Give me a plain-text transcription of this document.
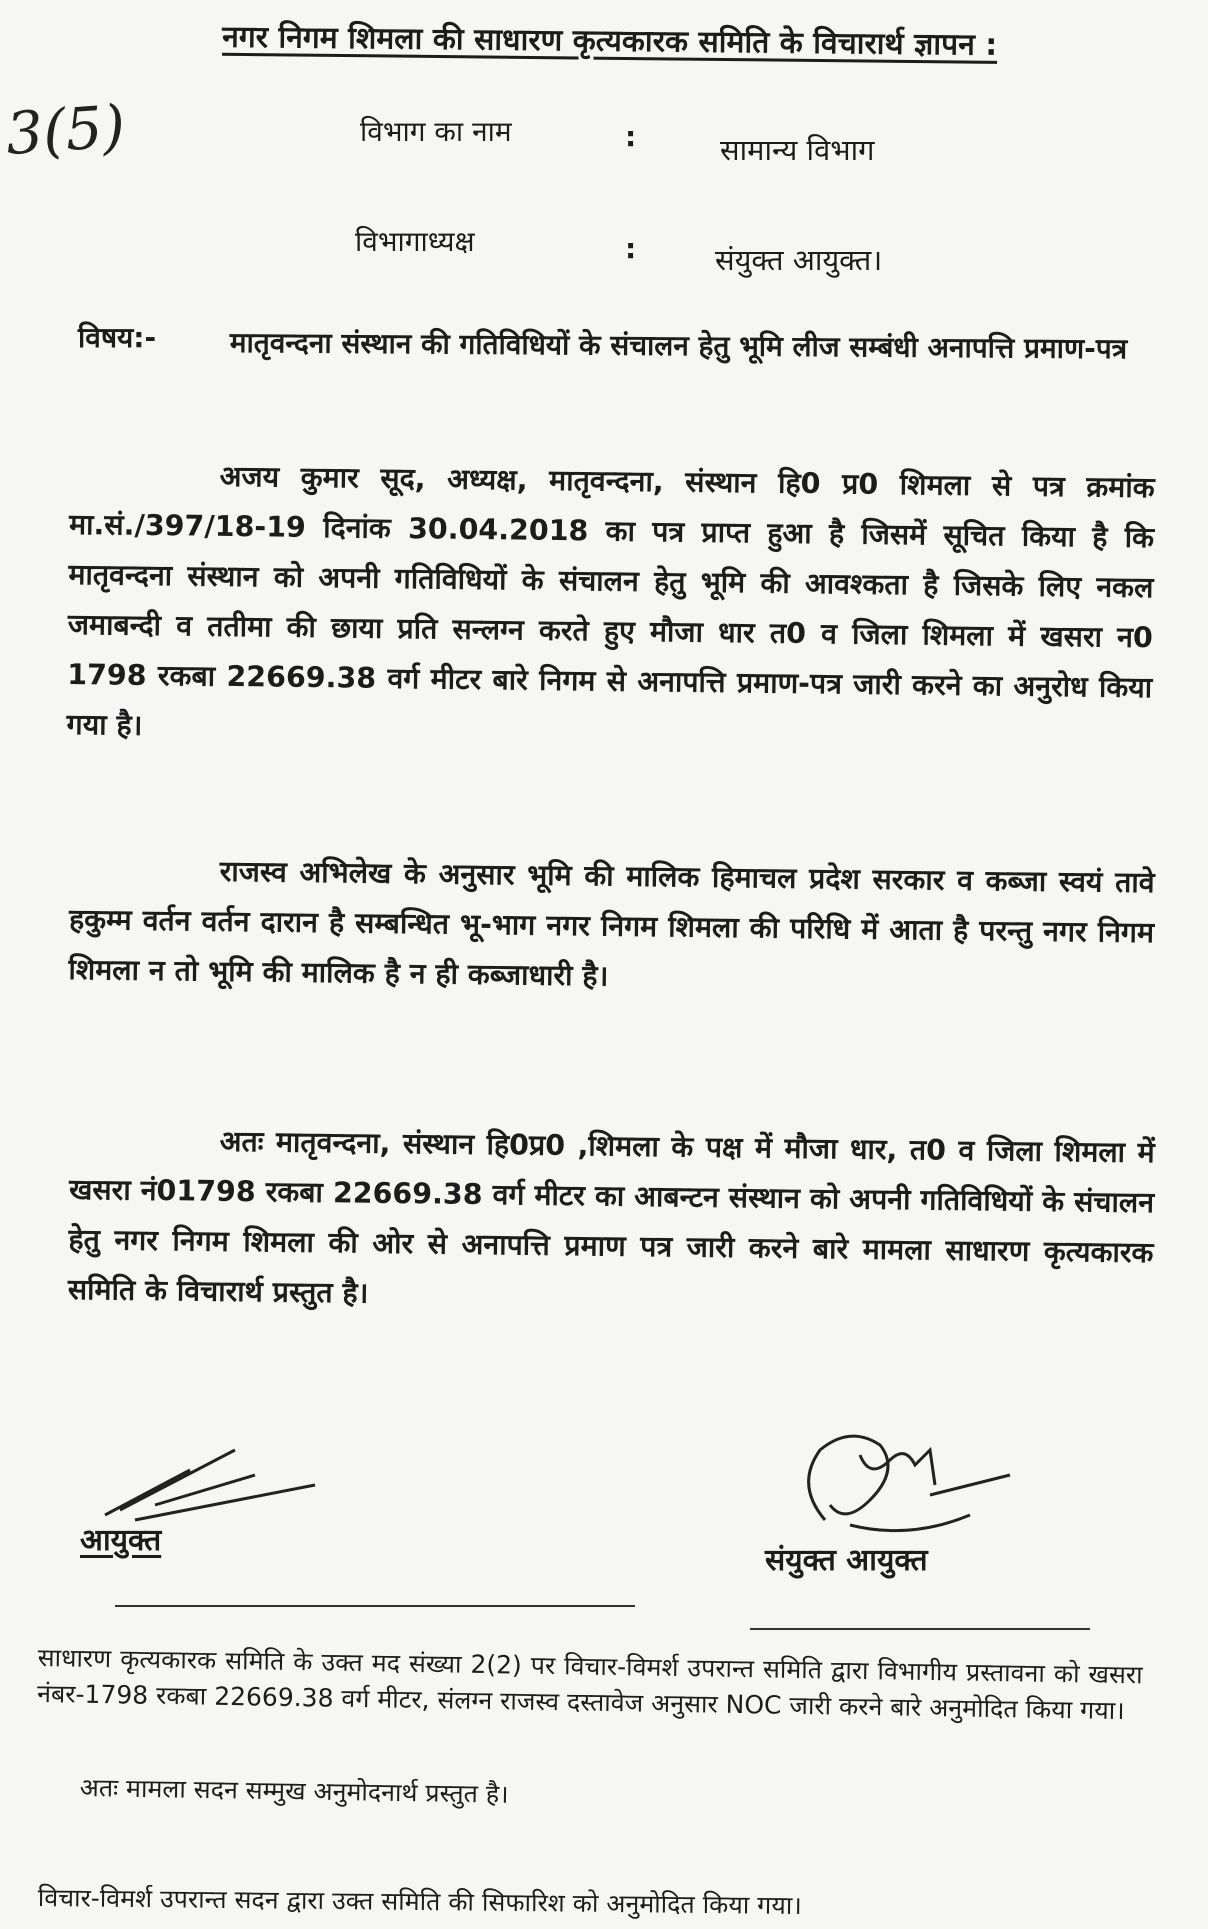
नगर निगम शिमला की साधारण कृत्यकारक समिति के विचारार्थ ज्ञापन :
3(5)	विभाग का नाम	:	सामान्य विभाग
विभागाध्यक्ष	:	संयुक्त आयुक्त।
विषय:-	मातृवन्दना संस्थान की गतिविधियों के संचालन हेतु भूमि लीज सम्बंधी अनापत्ति प्रमाण-पत्र
अजय कुमार सूद, अध्यक्ष, मातृवन्दना, संस्थान हि0 प्र0 शिमला से पत्र क्रमांक मा.सं./397/18-19 दिनांक 30.04.2018 का पत्र प्राप्त हुआ है जिसमें सूचित किया है कि मातृवन्दना संस्थान को अपनी गतिविधियों के संचालन हेतु भूमि की आवश्कता है जिसके लिए नकल जमाबन्दी व ततीमा की छाया प्रति सन्लग्न करते हुए मौजा धार त0 व जिला शिमला में खसरा न0 1798 रकबा 22669.38 वर्ग मीटर बारे निगम से अनापत्ति प्रमाण-पत्र जारी करने का अनुरोध किया गया है।
राजस्व अभिलेख के अनुसार भूमि की मालिक हिमाचल प्रदेश सरकार व कब्जा स्वयं तावे हकुम्म वर्तन वर्तन दारान है सम्बन्धित भू-भाग नगर निगम शिमला की परिधि में आता है परन्तु नगर निगम शिमला न तो भूमि की मालिक है न ही कब्जाधारी है।
अतः मातृवन्दना, संस्थान हि0प्र0 ,शिमला के पक्ष में मौजा धार, त0 व जिला शिमला में खसरा नं01798 रकबा 22669.38 वर्ग मीटर का आबन्टन संस्थान को अपनी गतिविधियों के संचालन हेतु नगर निगम शिमला की ओर से अनापत्ति प्रमाण पत्र जारी करने बारे मामला साधारण कृत्यकारक समिति के विचारार्थ प्रस्तुत है।
आयुक्त
संयुक्त आयुक्त
साधारण कृत्यकारक समिति के उक्त मद संख्या 2(2) पर विचार-विमर्श उपरान्त समिति द्वारा विभागीय प्रस्तावना को खसरा नंबर-1798 रकबा 22669.38 वर्ग मीटर, संलग्न राजस्व दस्तावेज अनुसार NOC जारी करने बारे अनुमोदित किया गया।
अतः मामला सदन सम्मुख अनुमोदनार्थ प्रस्तुत है।
विचार-विमर्श उपरान्त सदन द्वारा उक्त समिति की सिफारिश को अनुमोदित किया गया।
